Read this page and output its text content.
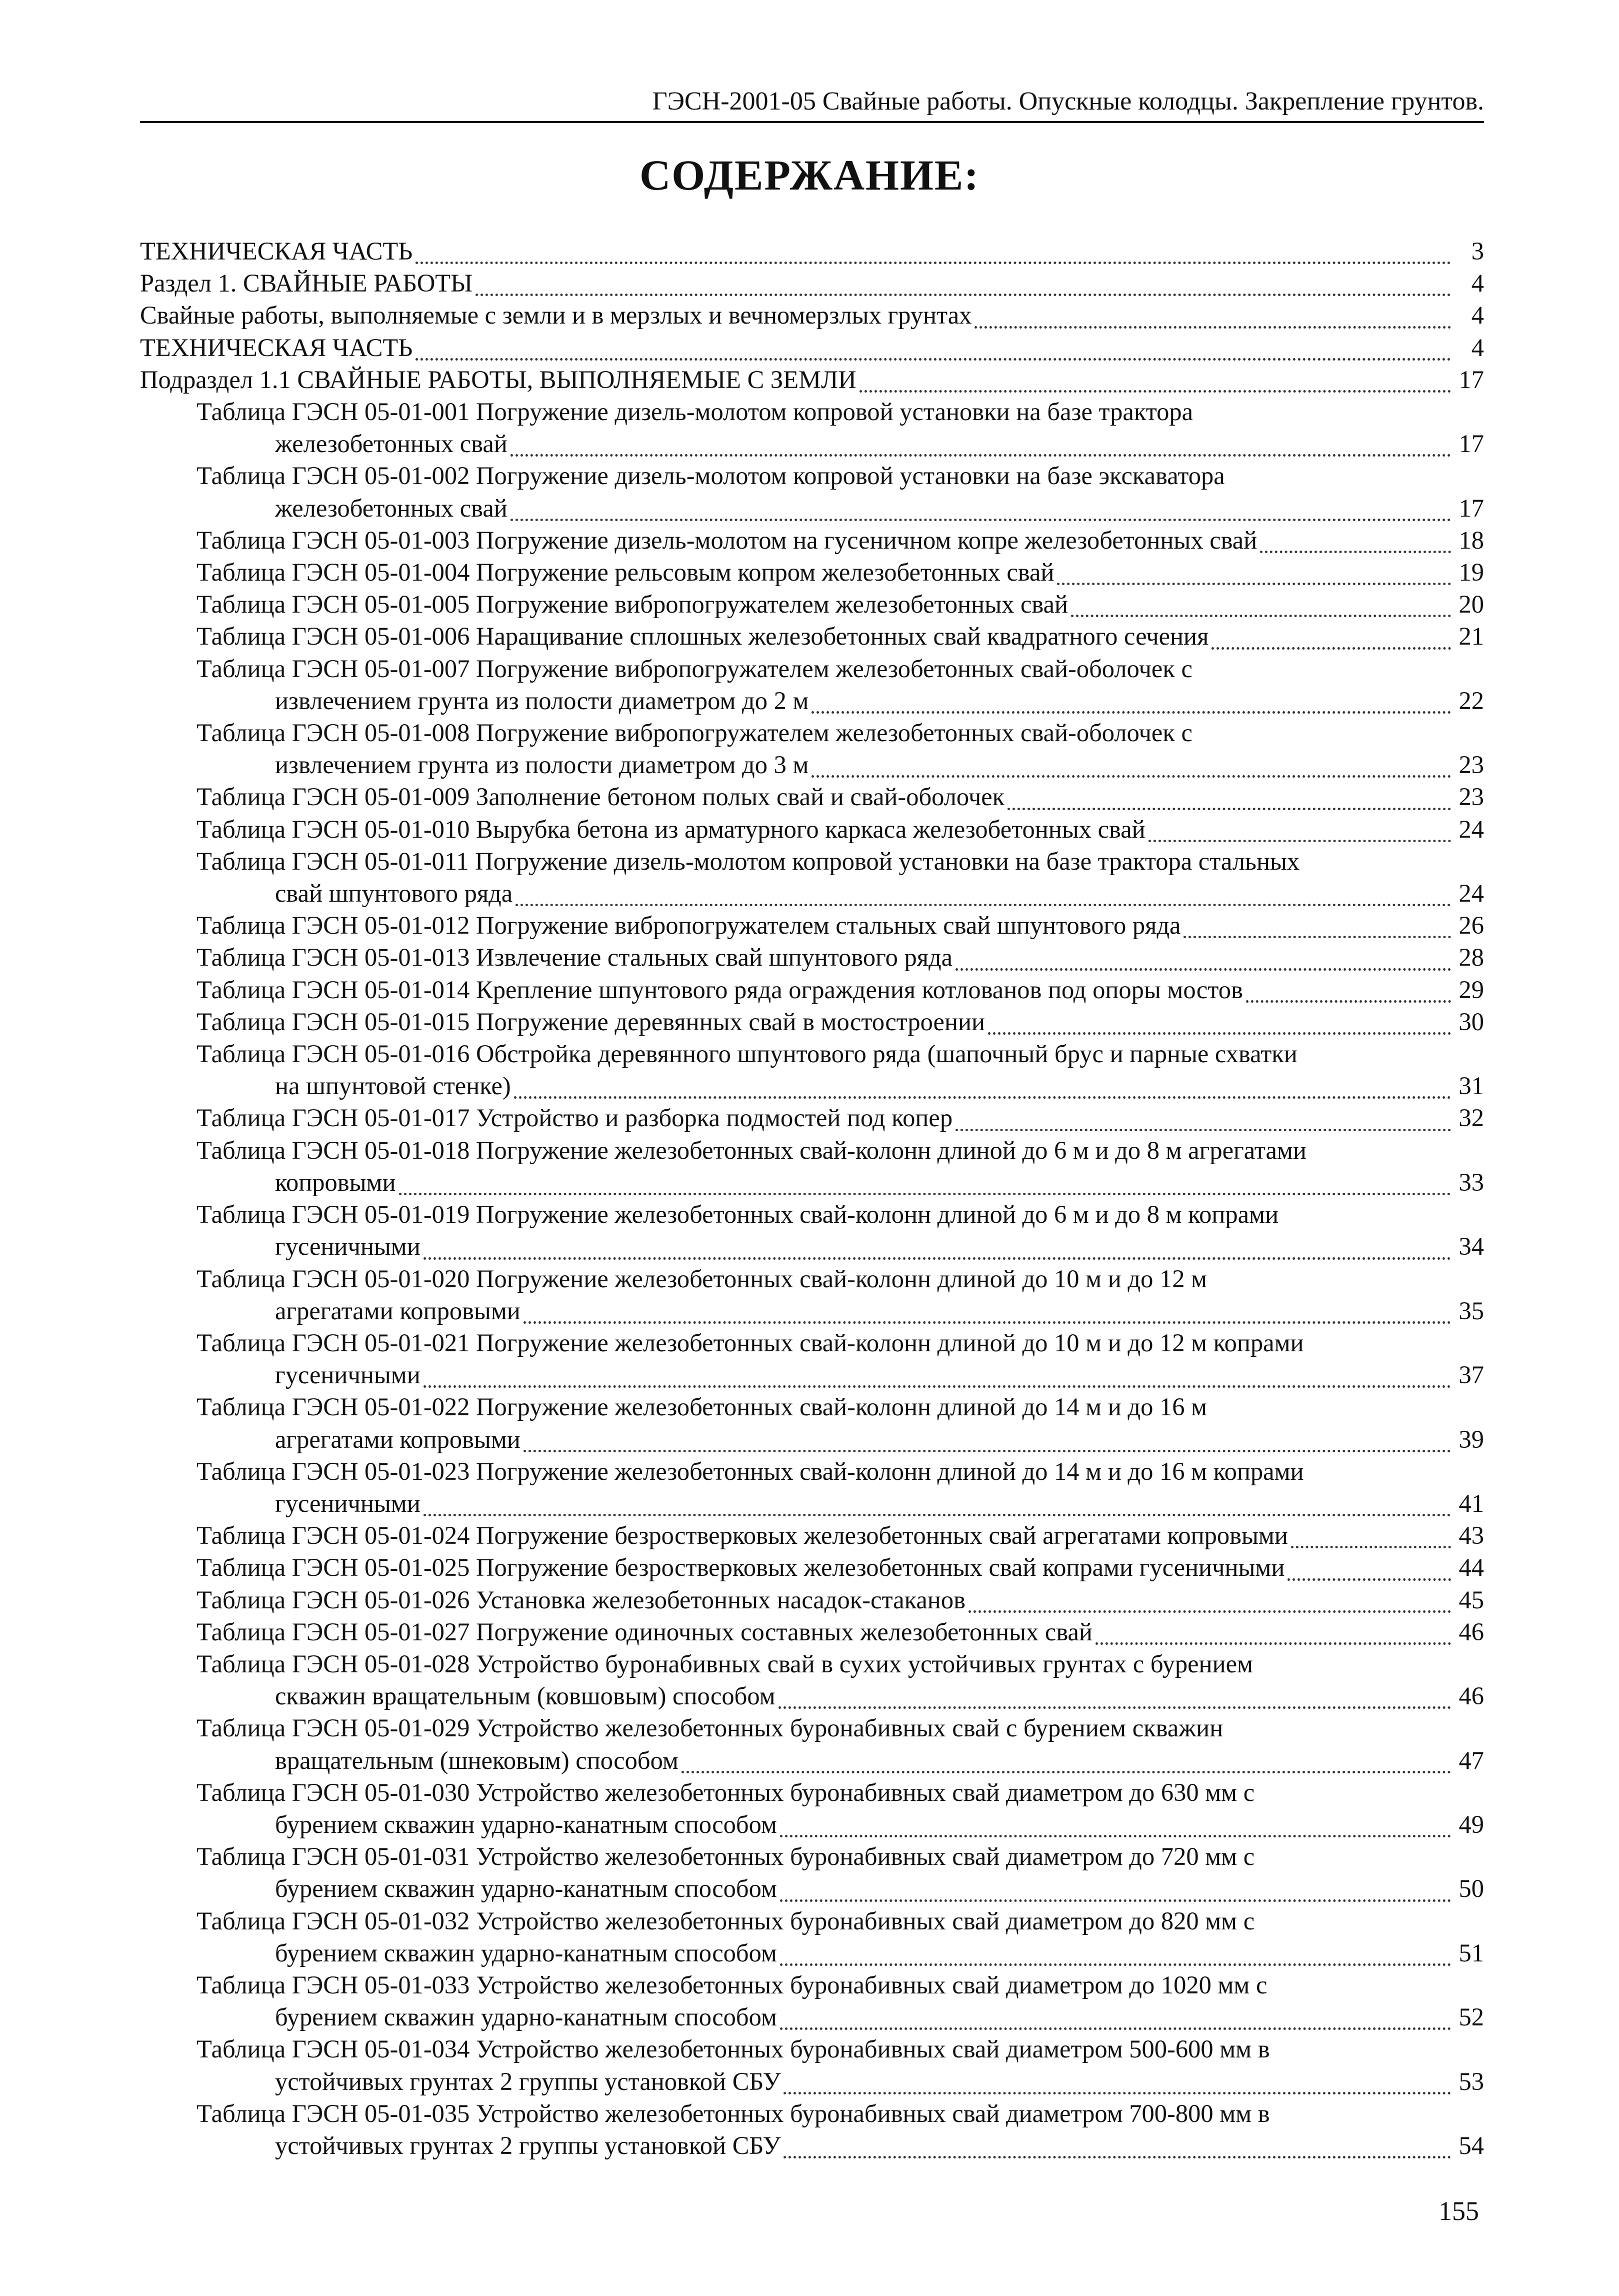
ГЭСН-2001-05 Свайные работы. Опускные колодцы. Закрепление грунтов.
СОДЕРЖАНИЕ:
ТЕХНИЧЕСКАЯ ЧАСТЬ	3
Раздел 1. СВАЙНЫЕ РАБОТЫ	4
Свайные работы, выполняемые с земли и в мерзлых и вечномерзлых грунтах	4
ТЕХНИЧЕСКАЯ ЧАСТЬ	4
Подраздел 1.1 СВАЙНЫЕ РАБОТЫ, ВЫПОЛНЯЕМЫЕ С ЗЕМЛИ	17
Таблица ГЭСН 05-01-001 Погружение дизель-молотом копровой установки на базе трактора
железобетонных свай	17
Таблица ГЭСН 05-01-002 Погружение дизель-молотом копровой установки на базе экскаватора
железобетонных свай	17
Таблица ГЭСН 05-01-003 Погружение дизель-молотом на гусеничном копре железобетонных свай	18
Таблица ГЭСН 05-01-004 Погружение рельсовым копром железобетонных свай	19
Таблица ГЭСН 05-01-005 Погружение вибропогружателем железобетонных свай	20
Таблица ГЭСН 05-01-006 Наращивание сплошных железобетонных свай квадратного сечения	21
Таблица ГЭСН 05-01-007 Погружение вибропогружателем железобетонных свай-оболочек с
извлечением грунта из полости диаметром до 2 м	22
Таблица ГЭСН 05-01-008 Погружение вибропогружателем железобетонных свай-оболочек с
извлечением грунта из полости диаметром до 3 м	23
Таблица ГЭСН 05-01-009 Заполнение бетоном полых свай и свай-оболочек	23
Таблица ГЭСН 05-01-010 Вырубка бетона из арматурного каркаса железобетонных свай	24
Таблица ГЭСН 05-01-011 Погружение дизель-молотом копровой установки на базе трактора стальных
свай шпунтового ряда	24
Таблица ГЭСН 05-01-012 Погружение вибропогружателем стальных свай шпунтового ряда	26
Таблица ГЭСН 05-01-013 Извлечение стальных свай шпунтового ряда	28
Таблица ГЭСН 05-01-014 Крепление шпунтового ряда ограждения котлованов под опоры мостов	29
Таблица ГЭСН 05-01-015 Погружение деревянных свай в мостостроении	30
Таблица ГЭСН 05-01-016 Обстройка деревянного шпунтового ряда (шапочный брус и парные схватки
на шпунтовой стенке)	31
Таблица ГЭСН 05-01-017 Устройство и разборка подмостей под копер	32
Таблица ГЭСН 05-01-018 Погружение железобетонных свай-колонн длиной до 6 м и до 8 м агрегатами
копровыми	33
Таблица ГЭСН 05-01-019 Погружение железобетонных свай-колонн длиной до 6 м и до 8 м копрами
гусеничными	34
Таблица ГЭСН 05-01-020 Погружение железобетонных свай-колонн длиной до 10 м и до 12 м
агрегатами копровыми	35
Таблица ГЭСН 05-01-021 Погружение железобетонных свай-колонн длиной до 10 м и до 12 м копрами
гусеничными	37
Таблица ГЭСН 05-01-022 Погружение железобетонных свай-колонн длиной до 14 м и до 16 м
агрегатами копровыми	39
Таблица ГЭСН 05-01-023 Погружение железобетонных свай-колонн длиной до 14 м и до 16 м копрами
гусеничными	41
Таблица ГЭСН 05-01-024 Погружение безростверковых железобетонных свай агрегатами копровыми	43
Таблица ГЭСН 05-01-025 Погружение безростверковых железобетонных свай копрами гусеничными	44
Таблица ГЭСН 05-01-026 Установка железобетонных насадок-стаканов	45
Таблица ГЭСН 05-01-027 Погружение одиночных составных железобетонных свай	46
Таблица ГЭСН 05-01-028 Устройство буронабивных свай в сухих устойчивых грунтах с бурением
скважин вращательным (ковшовым) способом	46
Таблица ГЭСН 05-01-029 Устройство железобетонных буронабивных свай с бурением скважин
вращательным (шнековым) способом	47
Таблица ГЭСН 05-01-030 Устройство железобетонных буронабивных свай диаметром до 630 мм с
бурением скважин ударно-канатным способом	49
Таблица ГЭСН 05-01-031 Устройство железобетонных буронабивных свай диаметром до 720 мм с
бурением скважин ударно-канатным способом	50
Таблица ГЭСН 05-01-032 Устройство железобетонных буронабивных свай диаметром до 820 мм с
бурением скважин ударно-канатным способом	51
Таблица ГЭСН 05-01-033 Устройство железобетонных буронабивных свай диаметром до 1020 мм с
бурением скважин ударно-канатным способом	52
Таблица ГЭСН 05-01-034 Устройство железобетонных буронабивных свай диаметром 500-600 мм в
устойчивых грунтах 2 группы установкой СБУ	53
Таблица ГЭСН 05-01-035 Устройство железобетонных буронабивных свай диаметром 700-800 мм в
устойчивых грунтах 2 группы установкой СБУ	54
155
